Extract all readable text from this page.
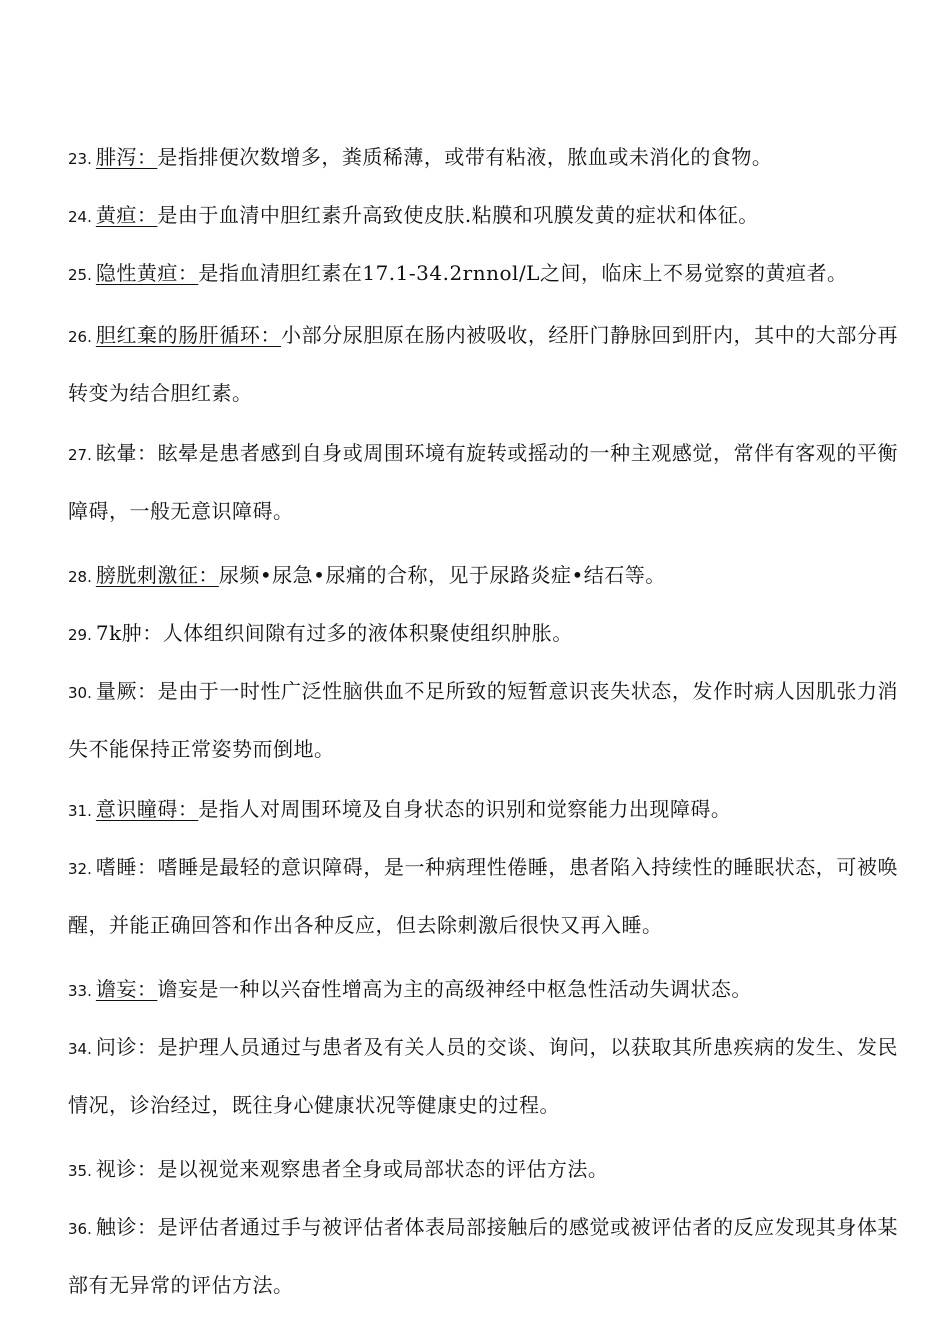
23. 腓泻：是指排便次数增多，粪质稀薄，或带有粘液，脓血或未消化的食物。

24. 黄疸：是由于血清中胆红素升高致使皮肤.粘膜和巩膜发黄的症状和体征。

25. 隐性黄疸：是指血清胆红素在17.1-34.2rnnol/L之间，临床上不易觉察的黄疸者。

26. 胆红棄的肠肝循环：小部分尿胆原在肠内被吸收，经肝门静脉回到肝内，其中的大部分再转变为结合胆红素。

27. 眩暈：眩晕是患者感到自身或周围环境有旋转或摇动的一种主观感觉，常伴有客观的平衡障碍，一般无意识障碍。

28. 膀胱刺激征：尿频•尿急•尿痛的合称，见于尿路炎症•结石等。

29. 7k肿：人体组织间隙有过多的液体积聚使组织肿胀。

30. 量厥：是由于一时性广泛性脑供血不足所致的短暂意识丧失状态，发作时病人因肌张力消失不能保持正常姿势而倒地。

31. 意识瞳碍：是指人对周围环境及自身状态的识别和觉察能力出现障碍。

32. 嗜睡：嗜睡是最轻的意识障碍，是一种病理性倦睡，患者陷入持续性的睡眠状态，可被唤醒，并能正确回答和作出各种反应，但去除刺激后很快又再入睡。

33. 谵妄：谵妄是一种以兴奋性增高为主的高级神经中枢急性活动失调状态。

34. 问诊：是护理人员通过与患者及有关人员的交谈、询问，以获取其所患疾病的发生、发民情况，诊治经过，既往身心健康状况等健康史的过程。

35. 视诊：是以视觉来观察患者全身或局部状态的评估方法。

36. 触诊：是评估者通过手与被评估者体表局部接触后的感觉或被评估者的反应发现其身体某部有无异常的评估方法。
